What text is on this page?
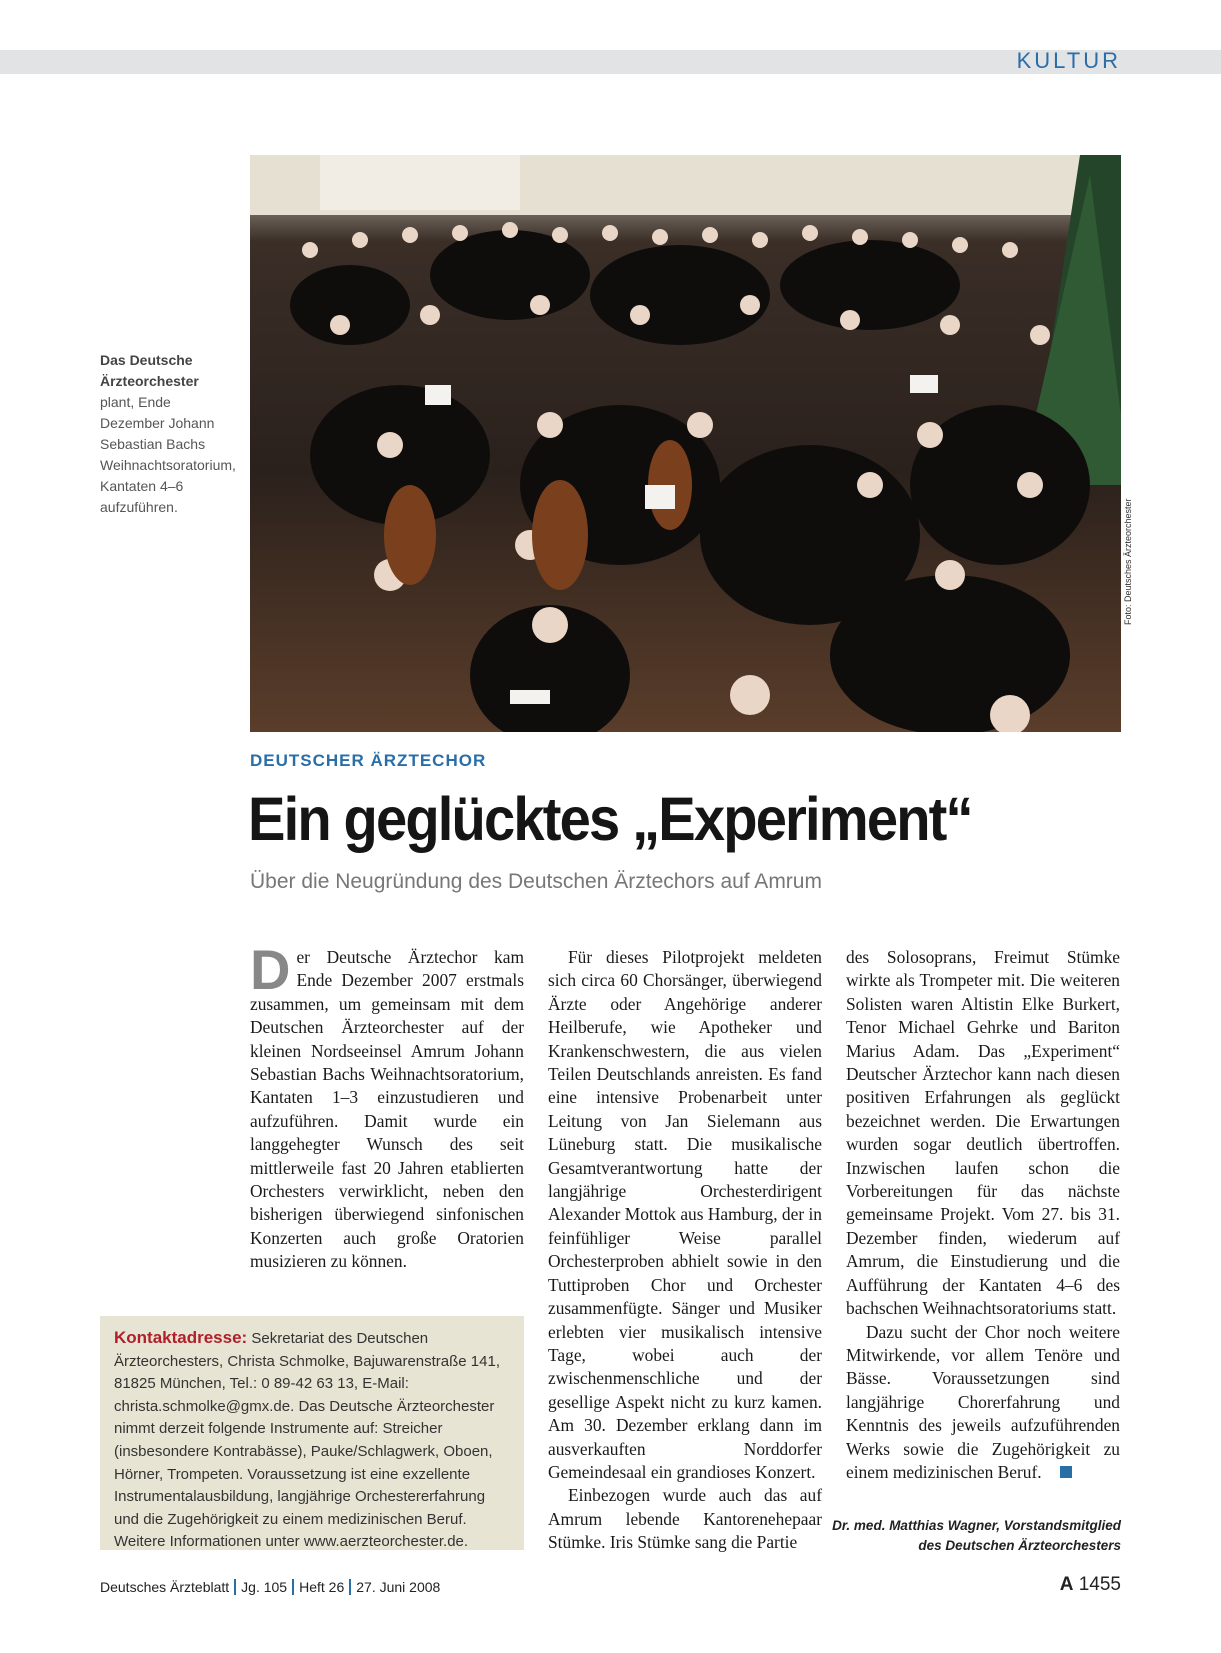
KULTUR
Foto: Deutsches Ärzteorchester
Das Deutsche Ärzteorchester plant, Ende Dezember Johann Sebastian Bachs Weihnachtsoratorium, Kantaten 4–6 aufzuführen.
DEUTSCHER ÄRZTECHOR
Ein geglücktes „Experiment“
Über die Neugründung des Deutschen Ärztechors auf Amrum

Der Deutsche Ärztechor kam Ende Dezember 2007 erstmals zusammen, um gemeinsam mit dem Deutschen Ärzteorchester auf der kleinen Nordseeinsel Amrum Johann Sebastian Bachs Weihnachtsoratorium, Kantaten 1–3 einzustudieren und aufzuführen. Damit wurde ein langgehegter Wunsch des seit mittlerweile fast 20 Jahren etablierten Orchesters verwirklicht, neben den bisherigen überwiegend sinfonischen Konzerten auch große Oratorien musizieren zu können.

Für dieses Pilotprojekt meldeten sich circa 60 Chorsänger, überwiegend Ärzte oder Angehörige anderer Heilberufe, wie Apotheker und Krankenschwestern, die aus vielen Teilen Deutschlands anreisten. Es fand eine intensive Probenarbeit unter Leitung von Jan Sielemann aus Lüneburg statt. Die musikalische Gesamtverantwortung hatte der langjährige Orchesterdirigent Alexander Mottok aus Hamburg, der in feinfühliger Weise parallel Orchesterproben abhielt sowie in den Tuttiproben Chor und Orchester zusammenfügte. Sänger und Musiker erlebten vier musikalisch intensive Tage, wobei auch der zwischenmenschliche und der gesellige Aspekt nicht zu kurz kamen. Am 30. Dezember erklang dann im ausverkauften Norddorfer Gemeindesaal ein grandioses Konzert.

Einbezogen wurde auch das auf Amrum lebende Kantorenehepaar Stümke. Iris Stümke sang die Partie

des Solosoprans, Freimut Stümke wirkte als Trompeter mit. Die weiteren Solisten waren Altistin Elke Burkert, Tenor Michael Gehrke und Bariton Marius Adam. Das „Experiment“ Deutscher Ärztechor kann nach diesen positiven Erfahrungen als geglückt bezeichnet werden. Die Erwartungen wurden sogar deutlich übertroffen. Inzwischen laufen schon die Vorbereitungen für das nächste gemeinsame Projekt. Vom 27. bis 31. Dezember finden, wiederum auf Amrum, die Einstudierung und die Aufführung der Kantaten 4–6 des bachschen Weihnachtsoratoriums statt.

Dazu sucht der Chor noch weitere Mitwirkende, vor allem Tenöre und Bässe. Voraussetzungen sind langjährige Chorerfahrung und Kenntnis des jeweils aufzuführenden Werks sowie die Zugehörigkeit zu einem medizinischen Beruf.

Dr. med. Matthias Wagner, Vorstandsmitglied
des Deutschen Ärzteorchesters
Kontaktadresse: Sekretariat des Deutschen Ärzteorchesters, Christa Schmolke, Bajuwarenstraße 141, 81825 München, Tel.: 0 89-42 63 13, E-Mail: christa.schmolke@gmx.de. Das Deutsche Ärzteorchester nimmt derzeit folgende Instrumente auf: Streicher (insbesondere Kontrabässe), Pauke/Schlagwerk, Oboen, Hörner, Trompeten. Voraussetzung ist eine exzellente Instrumentalausbildung, langjährige Orchestererfahrung und die Zugehörigkeit zu einem medizinischen Beruf. Weitere Informationen unter www.aerzteorchester.de.
Deutsches Ärzteblatt Jg. 105 Heft 26 27. Juni 2008	A 1455
